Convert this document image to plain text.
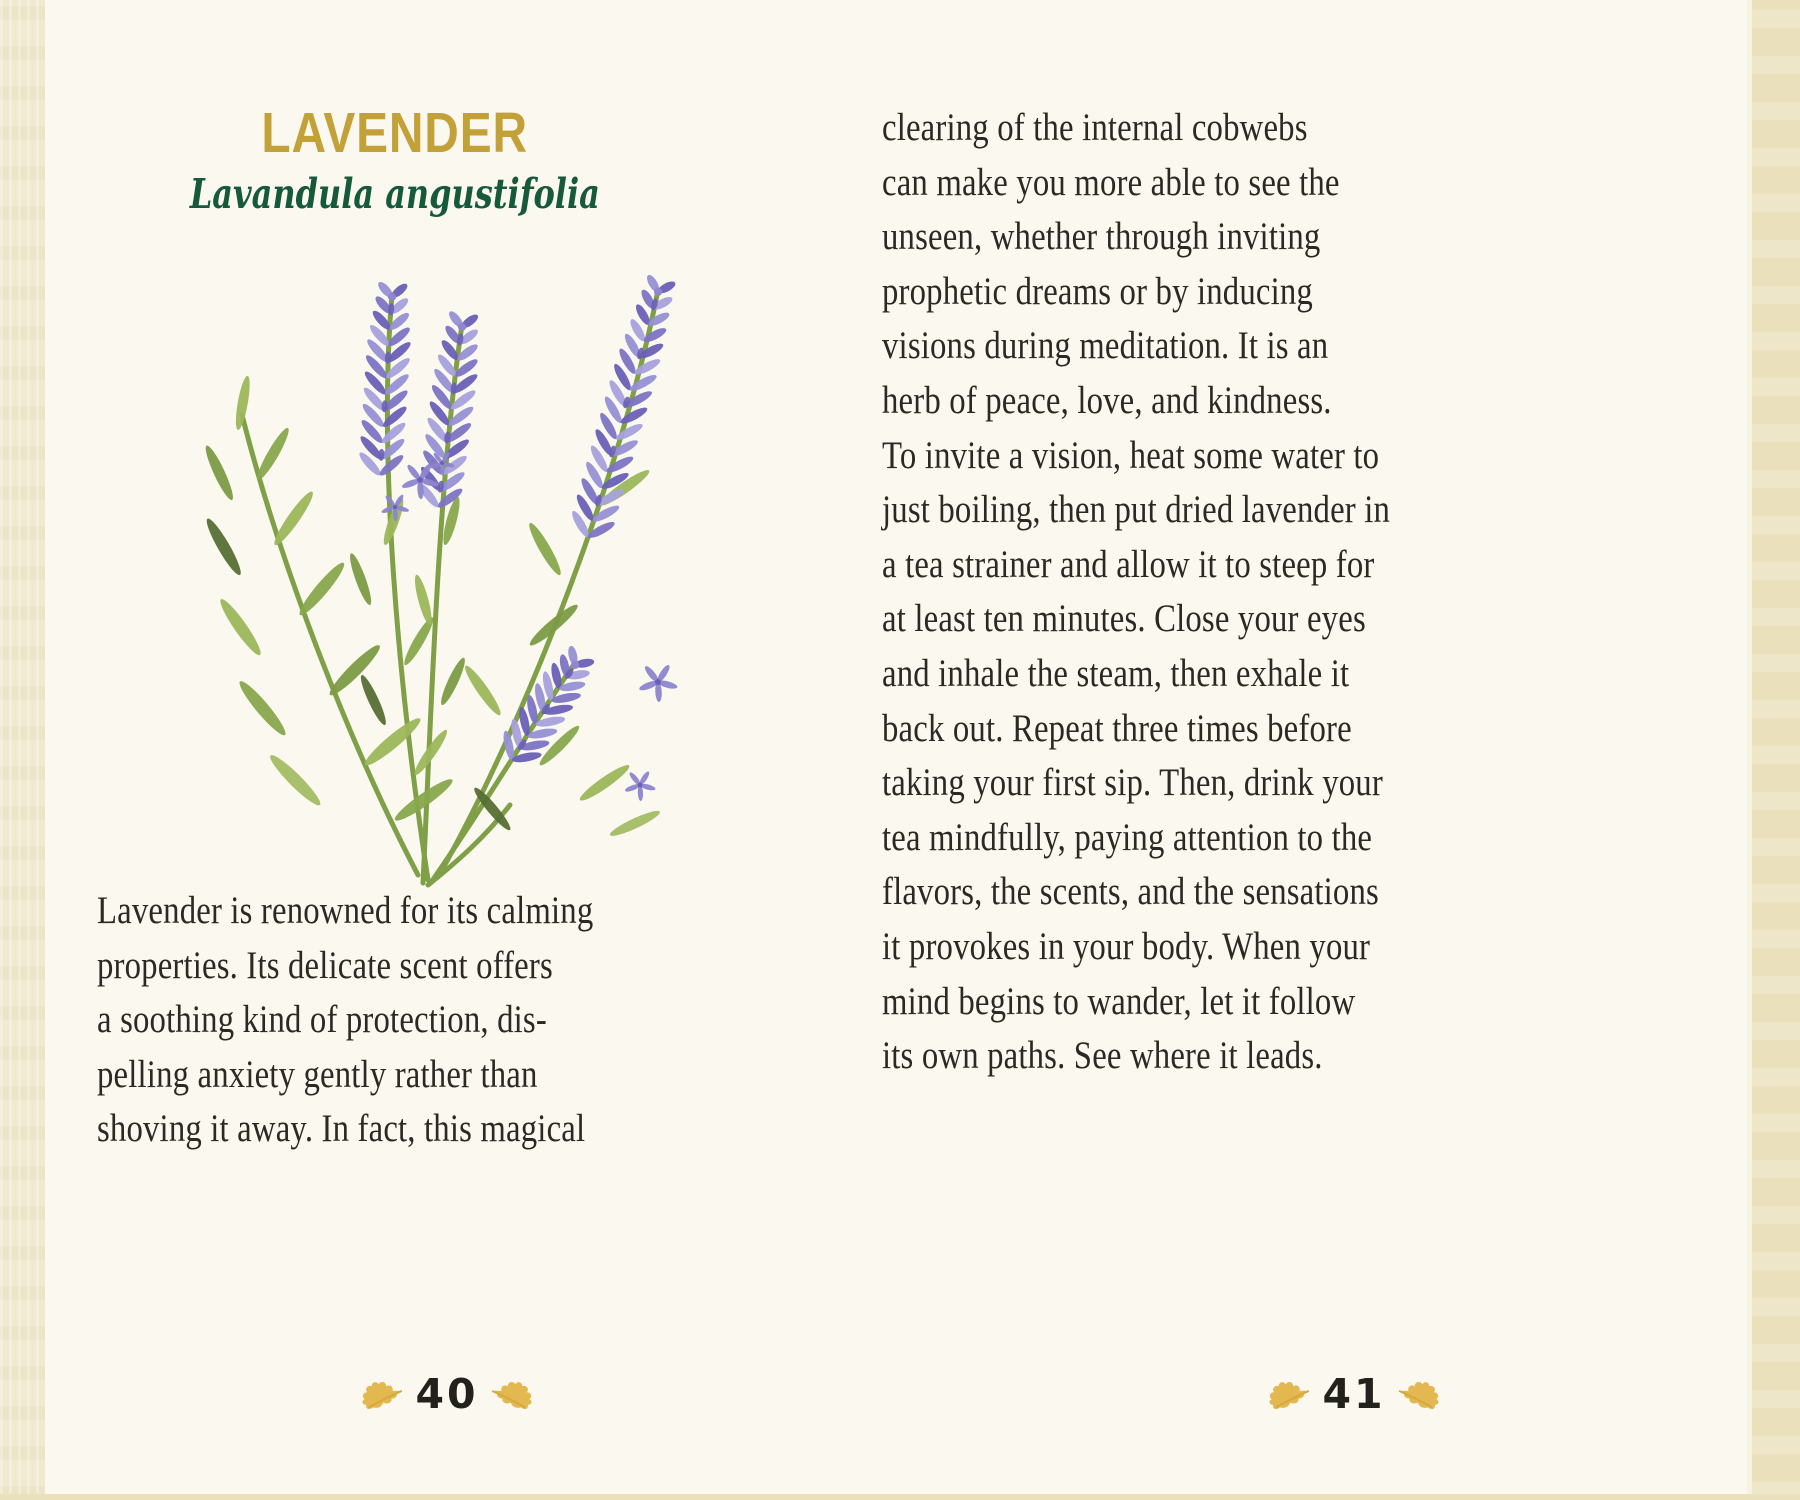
LAVENDER
Lavandula angustifolia
Lavender is renowned for its calming
properties. Its delicate scent offers
a soothing kind of protection, dis-
pelling anxiety gently rather than
shoving it away. In fact, this magical
40
clearing of the internal cobwebs
can make you more able to see the
unseen, whether through inviting
prophetic dreams or by inducing
visions during meditation. It is an
herb of peace, love, and kindness.
To invite a vision, heat some water to
just boiling, then put dried lavender in
a tea strainer and allow it to steep for
at least ten minutes. Close your eyes
and inhale the steam, then exhale it
back out. Repeat three times before
taking your first sip. Then, drink your
tea mindfully, paying attention to the
flavors, the scents, and the sensations
it provokes in your body. When your
mind begins to wander, let it follow
its own paths. See where it leads.
41
